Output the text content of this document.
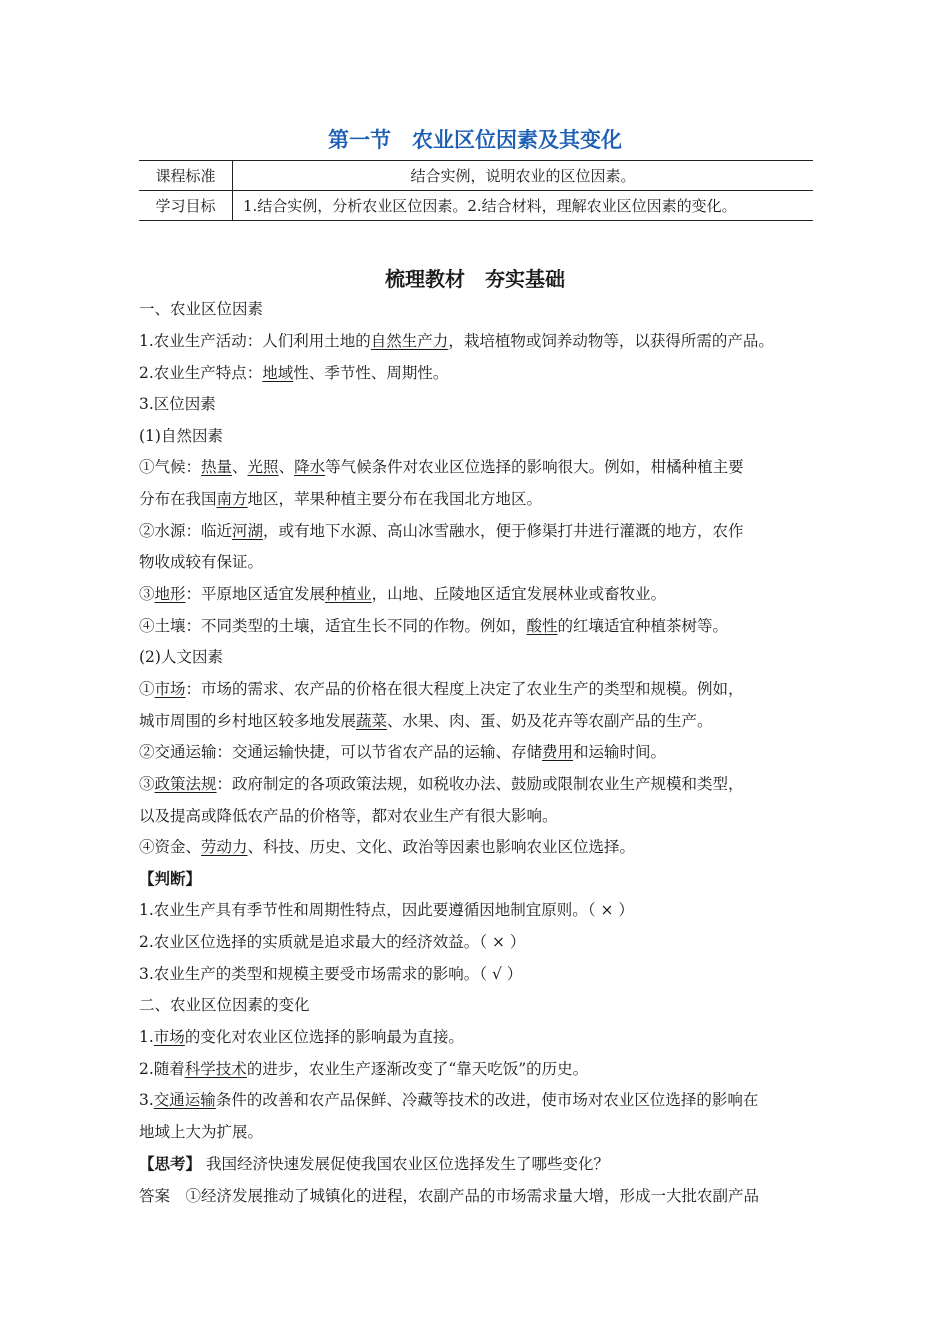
第一节　农业区位因素及其变化
课程标准	结合实例，说明农业的区位因素。
学习目标	1.结合实例，分析农业区位因素。2.结合材料，理解农业区位因素的变化。
梳理教材　夯实基础
一、农业区位因素
1.农业生产活动：人们利用土地的自然生产力，栽培植物或饲养动物等，以获得所需的产品。
2.农业生产特点：地域性、季节性、周期性。
3.区位因素
(1)自然因素
①气候：热量、光照、降水等气候条件对农业区位选择的影响很大。例如，柑橘种植主要
分布在我国南方地区，苹果种植主要分布在我国北方地区。
②水源：临近河湖，或有地下水源、高山冰雪融水，便于修渠打井进行灌溉的地方，农作
物收成较有保证。
③地形：平原地区适宜发展种植业，山地、丘陵地区适宜发展林业或畜牧业。
④土壤：不同类型的土壤，适宜生长不同的作物。例如，酸性的红壤适宜种植茶树等。
(2)人文因素
①市场：市场的需求、农产品的价格在很大程度上决定了农业生产的类型和规模。例如，
城市周围的乡村地区较多地发展蔬菜、水果、肉、蛋、奶及花卉等农副产品的生产。
②交通运输：交通运输快捷，可以节省农产品的运输、存储费用和运输时间。
③政策法规：政府制定的各项政策法规，如税收办法、鼓励或限制农业生产规模和类型，
以及提高或降低农产品的价格等，都对农业生产有很大影响。
④资金、劳动力、科技、历史、文化、政治等因素也影响农业区位选择。
【判断】
1.农业生产具有季节性和周期性特点，因此要遵循因地制宜原则。（ × ）
2.农业区位选择的实质就是追求最大的经济效益。（ × ）
3.农业生产的类型和规模主要受市场需求的影响。（ √ ）
二、农业区位因素的变化
1.市场的变化对农业区位选择的影响最为直接。
2.随着科学技术的进步，农业生产逐渐改变了“靠天吃饭”的历史。
3.交通运输条件的改善和农产品保鲜、冷藏等技术的改进，使市场对农业区位选择的影响在
地域上大为扩展。
【思考】 我国经济快速发展促使我国农业区位选择发生了哪些变化？
答案　①经济发展推动了城镇化的进程，农副产品的市场需求量大增，形成一大批农副产品
